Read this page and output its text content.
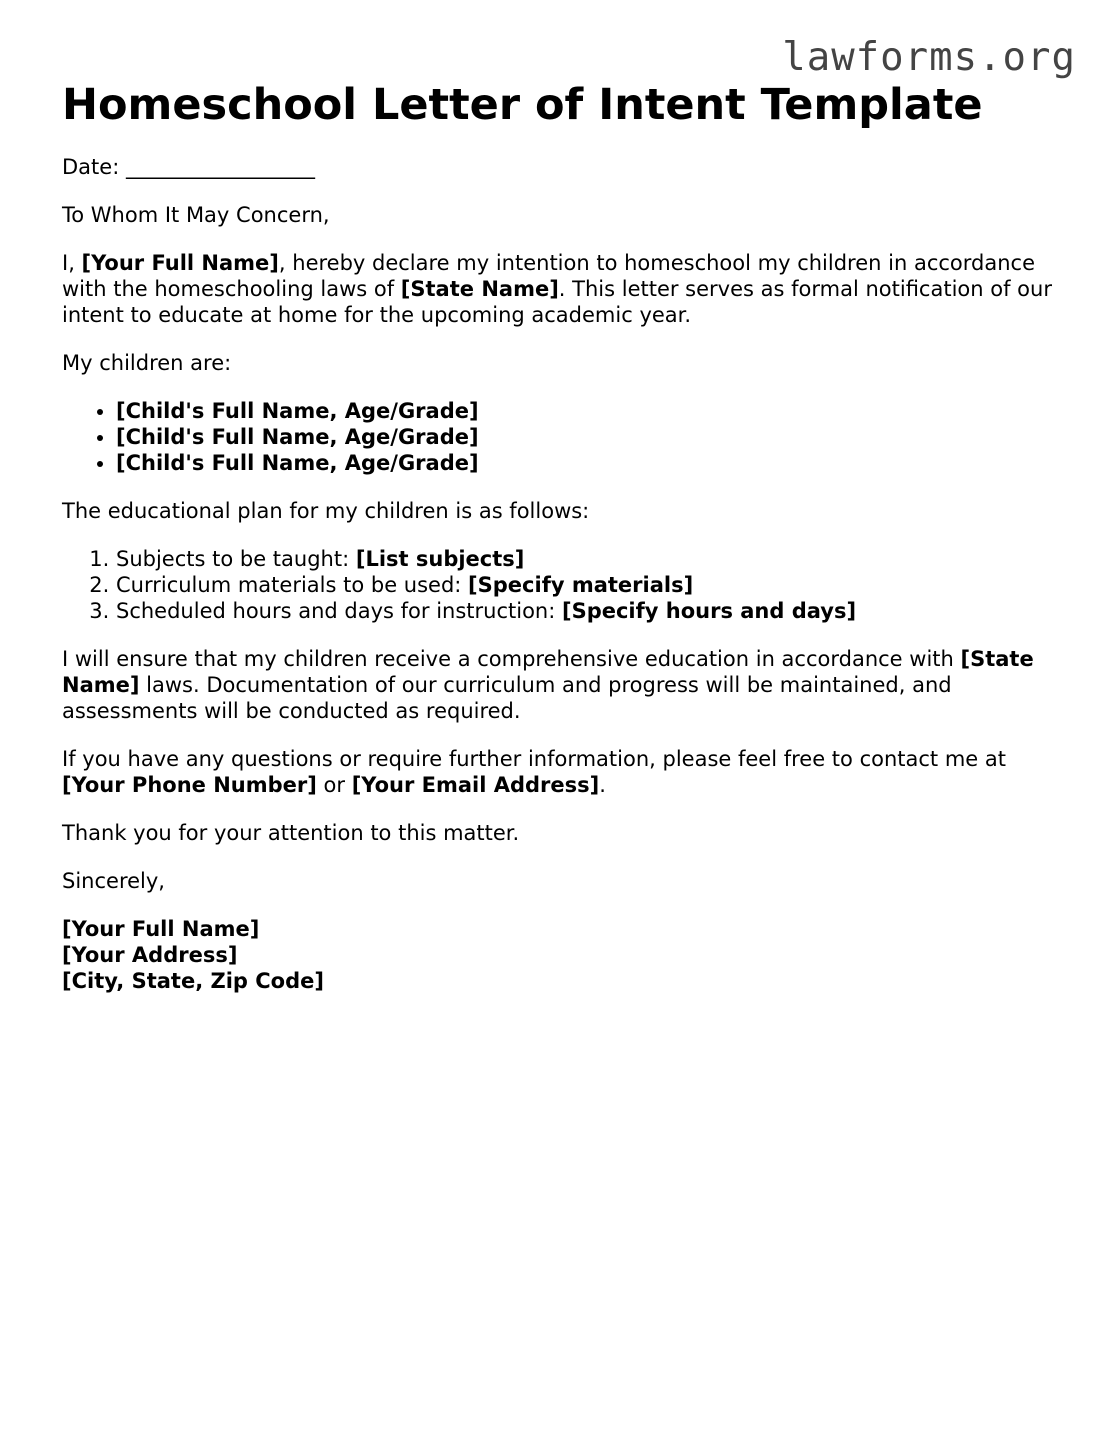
lawforms.org
Homeschool Letter of Intent Template

Date: __________________

To Whom It May Concern,

I, [Your Full Name], hereby declare my intention to homeschool my children in accordance with the homeschooling laws of [State Name]. This letter serves as formal notification of our intent to educate at home for the upcoming academic year.

My children are:

• [Child's Full Name, Age/Grade]
• [Child's Full Name, Age/Grade]
• [Child's Full Name, Age/Grade]

The educational plan for my children is as follows:

1. Subjects to be taught: [List subjects]
2. Curriculum materials to be used: [Specify materials]
3. Scheduled hours and days for instruction: [Specify hours and days]

I will ensure that my children receive a comprehensive education in accordance with [State Name] laws. Documentation of our curriculum and progress will be maintained, and assessments will be conducted as required.

If you have any questions or require further information, please feel free to contact me at [Your Phone Number] or [Your Email Address].

Thank you for your attention to this matter.

Sincerely,

[Your Full Name]
[Your Address]
[City, State, Zip Code]
